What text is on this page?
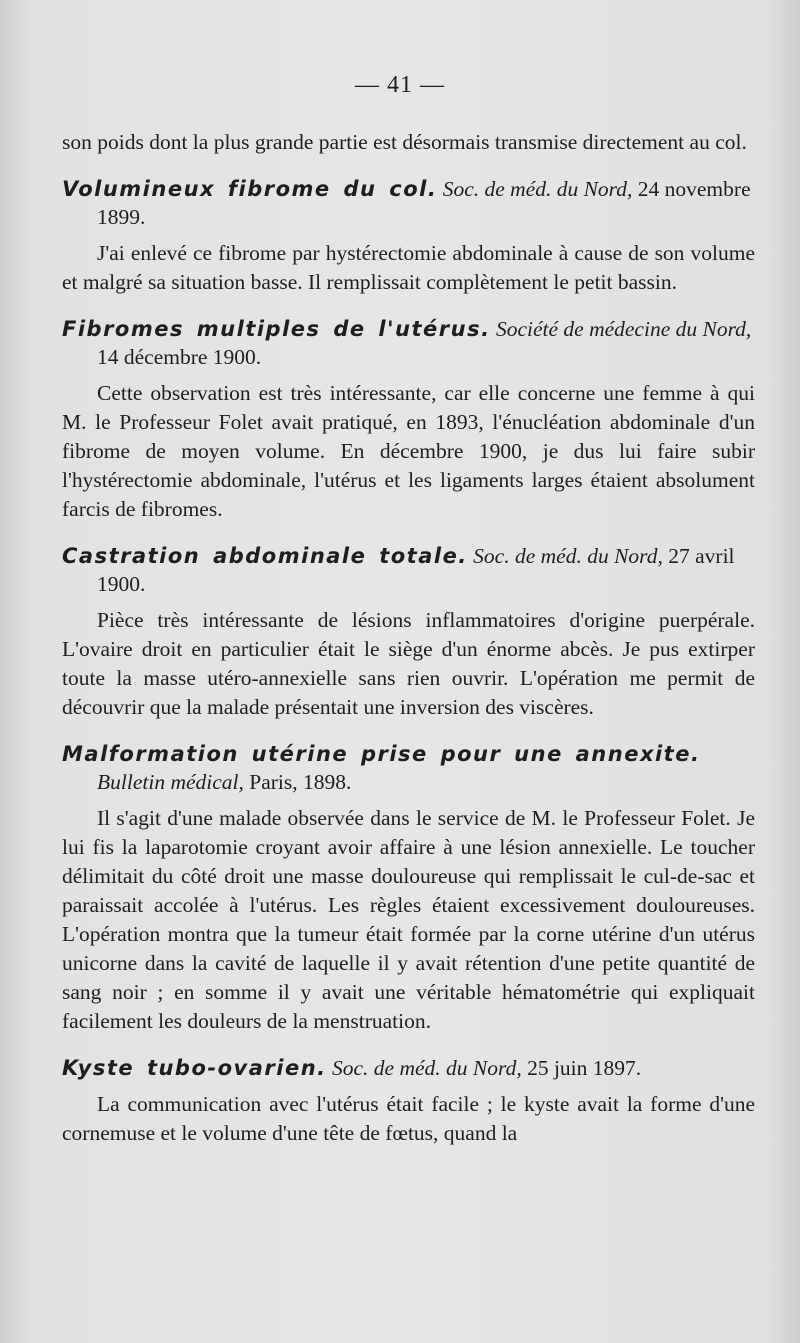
— 41 —

son poids dont la plus grande partie est désormais transmise directement au col.

Volumineux fibrome du col. Soc. de méd. du Nord, 24 novembre 1899.

J'ai enlevé ce fibrome par hystérectomie abdominale à cause de son volume et malgré sa situation basse. Il remplissait complètement le petit bassin.

Fibromes multiples de l'utérus. Société de médecine du Nord, 14 décembre 1900.

Cette observation est très intéressante, car elle concerne une femme à qui M. le Professeur Folet avait pratiqué, en 1893, l'énucléation abdominale d'un fibrome de moyen volume. En décembre 1900, je dus lui faire subir l'hystérectomie abdominale, l'utérus et les ligaments larges étaient absolument farcis de fibromes.

Castration abdominale totale. Soc. de méd. du Nord, 27 avril 1900.

Pièce très intéressante de lésions inflammatoires d'origine puerpérale. L'ovaire droit en particulier était le siège d'un énorme abcès. Je pus extirper toute la masse utéro-annexielle sans rien ouvrir. L'opération me permit de découvrir que la malade présentait une inversion des viscères.

Malformation utérine prise pour une annexite. Bulletin médical, Paris, 1898.

Il s'agit d'une malade observée dans le service de M. le Professeur Folet. Je lui fis la laparotomie croyant avoir affaire à une lésion annexielle. Le toucher délimitait du côté droit une masse douloureuse qui remplissait le cul-de-sac et paraissait accolée à l'utérus. Les règles étaient excessivement douloureuses. L'opération montra que la tumeur était formée par la corne utérine d'un utérus unicorne dans la cavité de laquelle il y avait rétention d'une petite quantité de sang noir ; en somme il y avait une véritable hématométrie qui expliquait facilement les douleurs de la menstruation.

Kyste tubo-ovarien. Soc. de méd. du Nord, 25 juin 1897.

La communication avec l'utérus était facile ; le kyste avait la forme d'une cornemuse et le volume d'une tête de fœtus, quand la
